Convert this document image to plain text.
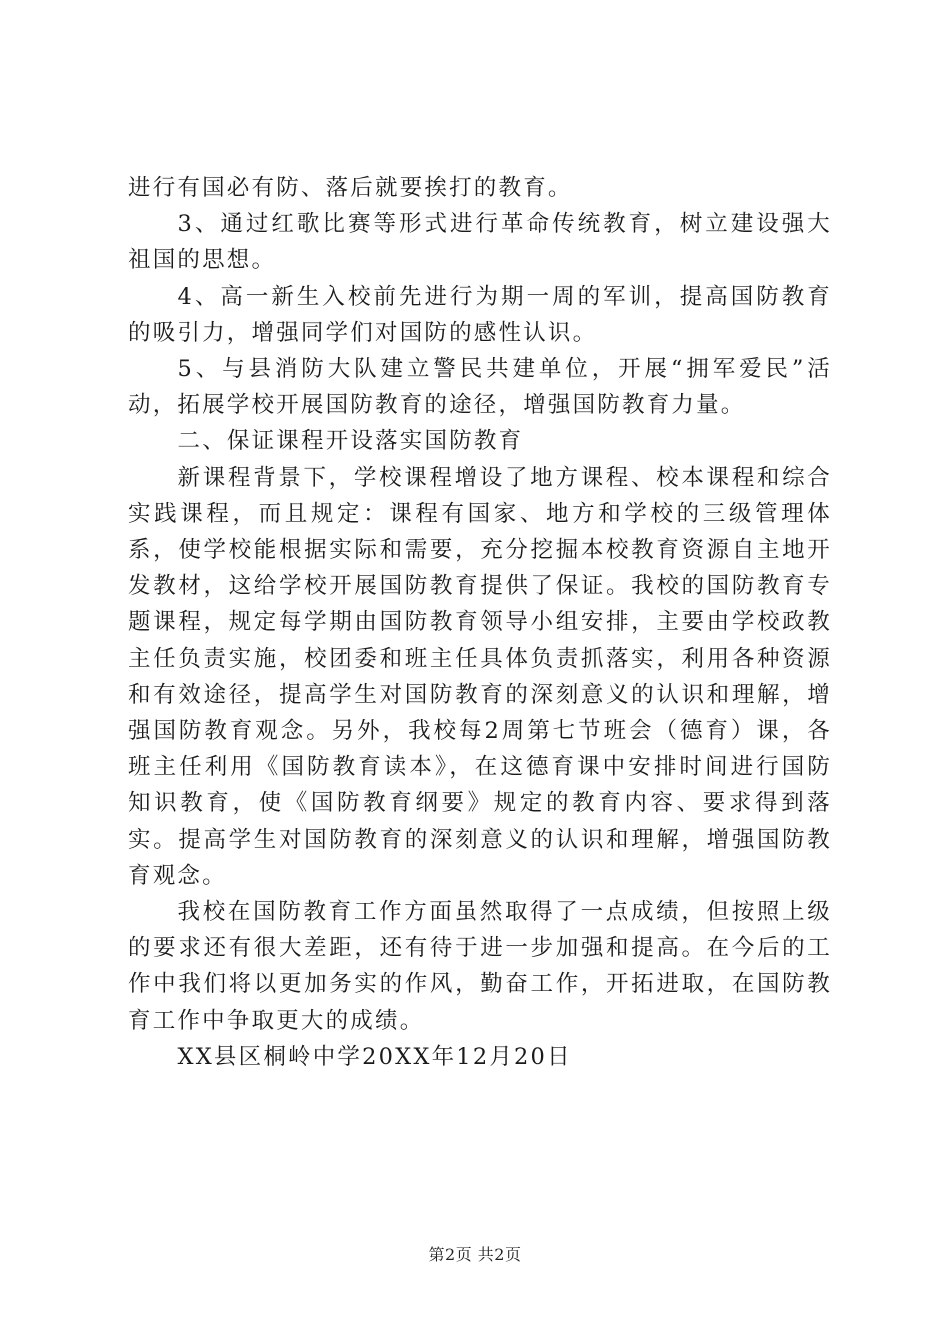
进行有国必有防、落后就要挨打的教育。

3、通过红歌比赛等形式进行革命传统教育，树立建设强大祖国的思想。

4、高一新生入校前先进行为期一周的军训，提高国防教育的吸引力，增强同学们对国防的感性认识。

5、与县消防大队建立警民共建单位，开展“拥军爱民”活动，拓展学校开展国防教育的途径，增强国防教育力量。

二、保证课程开设落实国防教育

新课程背景下，学校课程增设了地方课程、校本课程和综合实践课程，而且规定：课程有国家、地方和学校的三级管理体系，使学校能根据实际和需要，充分挖掘本校教育资源自主地开发教材，这给学校开展国防教育提供了保证。我校的国防教育专题课程，规定每学期由国防教育领导小组安排，主要由学校政教主任负责实施，校团委和班主任具体负责抓落实，利用各种资源和有效途径，提高学生对国防教育的深刻意义的认识和理解，增强国防教育观念。另外，我校每2周第七节班会（德育）课，各班主任利用《国防教育读本》，在这德育课中安排时间进行国防知识教育，使《国防教育纲要》规定的教育内容、要求得到落实。提高学生对国防教育的深刻意义的认识和理解，增强国防教育观念。

我校在国防教育工作方面虽然取得了一点成绩，但按照上级的要求还有很大差距，还有待于进一步加强和提高。在今后的工作中我们将以更加务实的作风，勤奋工作，开拓进取，在国防教育工作中争取更大的成绩。

XX县区桐岭中学20XX年12月20日

第2页 共2页
